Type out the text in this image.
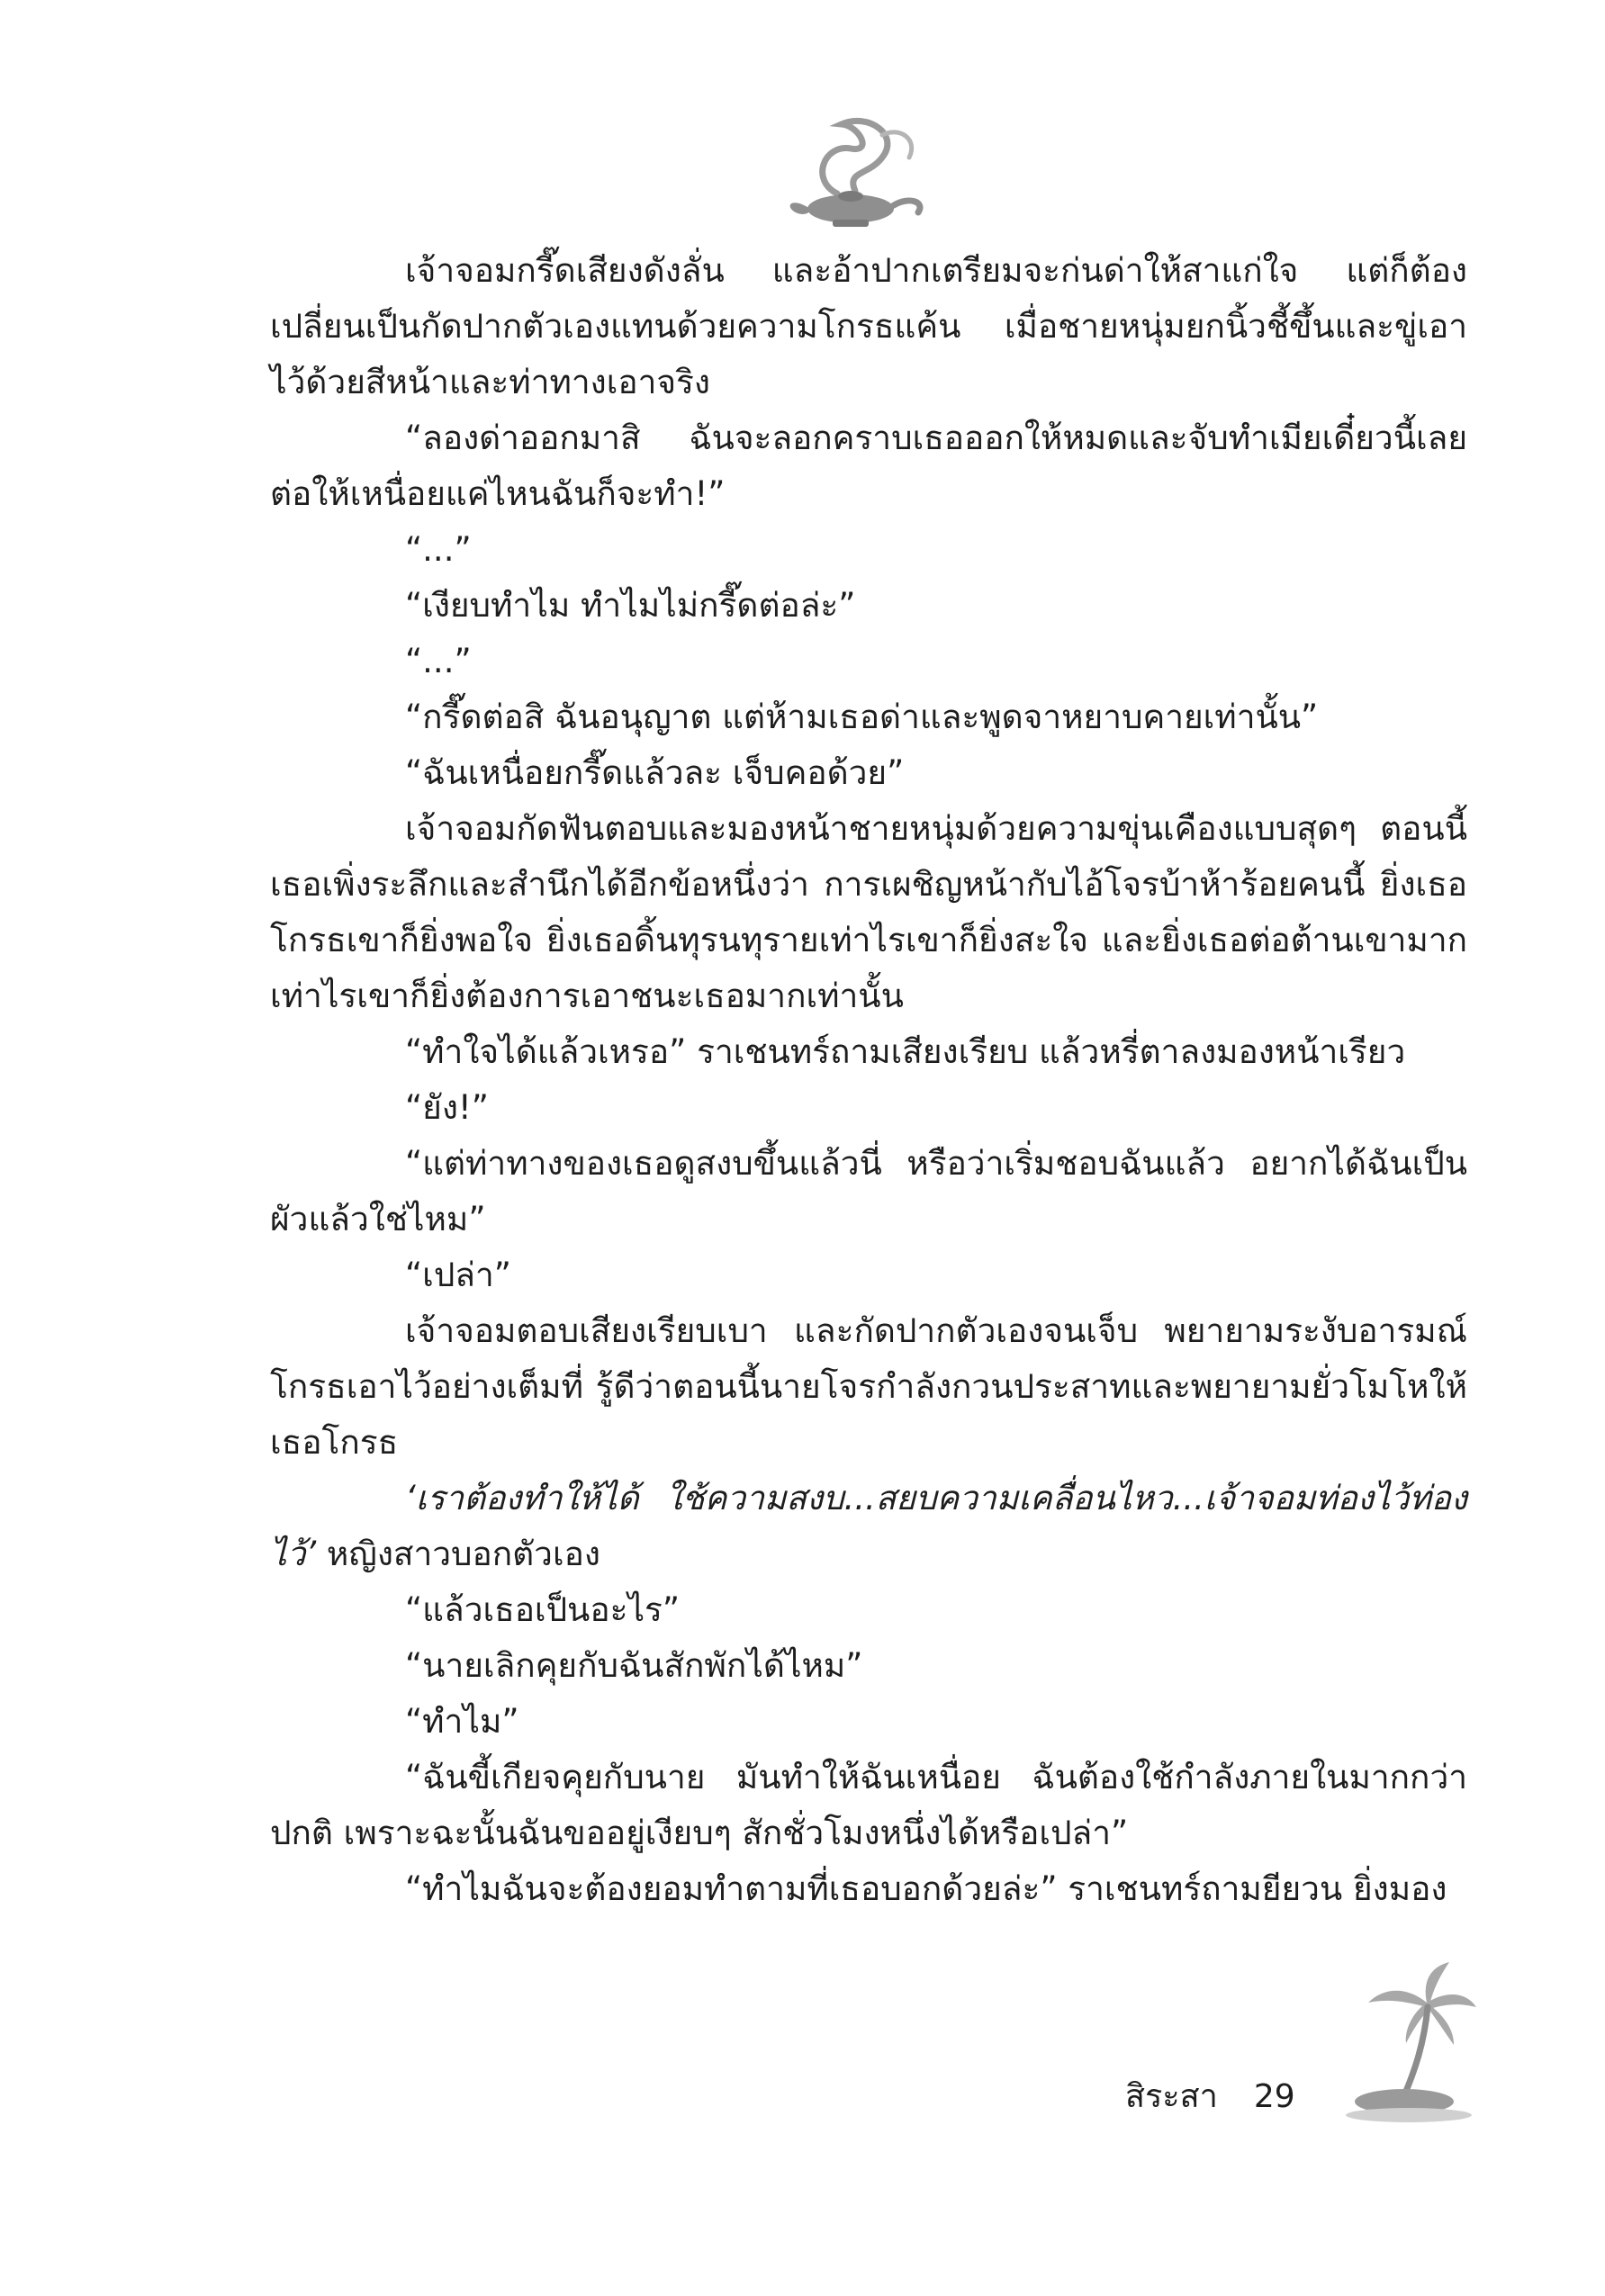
เจ้าจอมกรี๊ดเสียงดังลั่น และอ้าปากเตรียมจะก่นด่าให้สาแก่ใจ แต่ก็ต้องเปลี่ยนเป็นกัดปากตัวเองแทนด้วยความโกรธแค้น เมื่อชายหนุ่มยกนิ้วชี้ขึ้นและขู่เอาไว้ด้วยสีหน้าและท่าทางเอาจริง

“ลองด่าออกมาสิ ฉันจะลอกคราบเธอออกให้หมดและจับทำเมียเดี๋ยวนี้เลยต่อให้เหนื่อยแค่ไหนฉันก็จะทำ!”

“...”

“เงียบทำไม ทำไมไม่กรี๊ดต่อล่ะ”

“...”

“กรี๊ดต่อสิ ฉันอนุญาต แต่ห้ามเธอด่าและพูดจาหยาบคายเท่านั้น”

“ฉันเหนื่อยกรี๊ดแล้วละ เจ็บคอด้วย”

เจ้าจอมกัดฟันตอบและมองหน้าชายหนุ่มด้วยความขุ่นเคืองแบบสุดๆ ตอนนี้เธอเพิ่งระลึกและสำนึกได้อีกข้อหนึ่งว่า การเผชิญหน้ากับไอ้โจรบ้าห้าร้อยคนนี้ ยิ่งเธอโกรธเขาก็ยิ่งพอใจ ยิ่งเธอดิ้นทุรนทุรายเท่าไรเขาก็ยิ่งสะใจ และยิ่งเธอต่อต้านเขามากเท่าไรเขาก็ยิ่งต้องการเอาชนะเธอมากเท่านั้น

“ทำใจได้แล้วเหรอ” ราเชนทร์ถามเสียงเรียบ แล้วหรี่ตาลงมองหน้าเรียว

“ยัง!”

“แต่ท่าทางของเธอดูสงบขึ้นแล้วนี่ หรือว่าเริ่มชอบฉันแล้ว อยากได้ฉันเป็นผัวแล้วใช่ไหม”

“เปล่า”

เจ้าจอมตอบเสียงเรียบเบา และกัดปากตัวเองจนเจ็บ พยายามระงับอารมณ์โกรธเอาไว้อย่างเต็มที่ รู้ดีว่าตอนนี้นายโจรกำลังกวนประสาทและพยายามยั่วโมโหให้เธอโกรธ

‘เราต้องทำให้ได้ ใช้ความสงบ...สยบความเคลื่อนไหว...เจ้าจอมท่องไว้ท่องไว้’ หญิงสาวบอกตัวเอง

“แล้วเธอเป็นอะไร”

“นายเลิกคุยกับฉันสักพักได้ไหม”

“ทำไม”

“ฉันขี้เกียจคุยกับนาย มันทำให้ฉันเหนื่อย ฉันต้องใช้กำลังภายในมากกว่าปกติ เพราะฉะนั้นฉันขออยู่เงียบๆ สักชั่วโมงหนึ่งได้หรือเปล่า”

“ทำไมฉันจะต้องยอมทำตามที่เธอบอกด้วยล่ะ” ราเชนทร์ถามยียวน ยิ่งมอง

สิระสา 29
